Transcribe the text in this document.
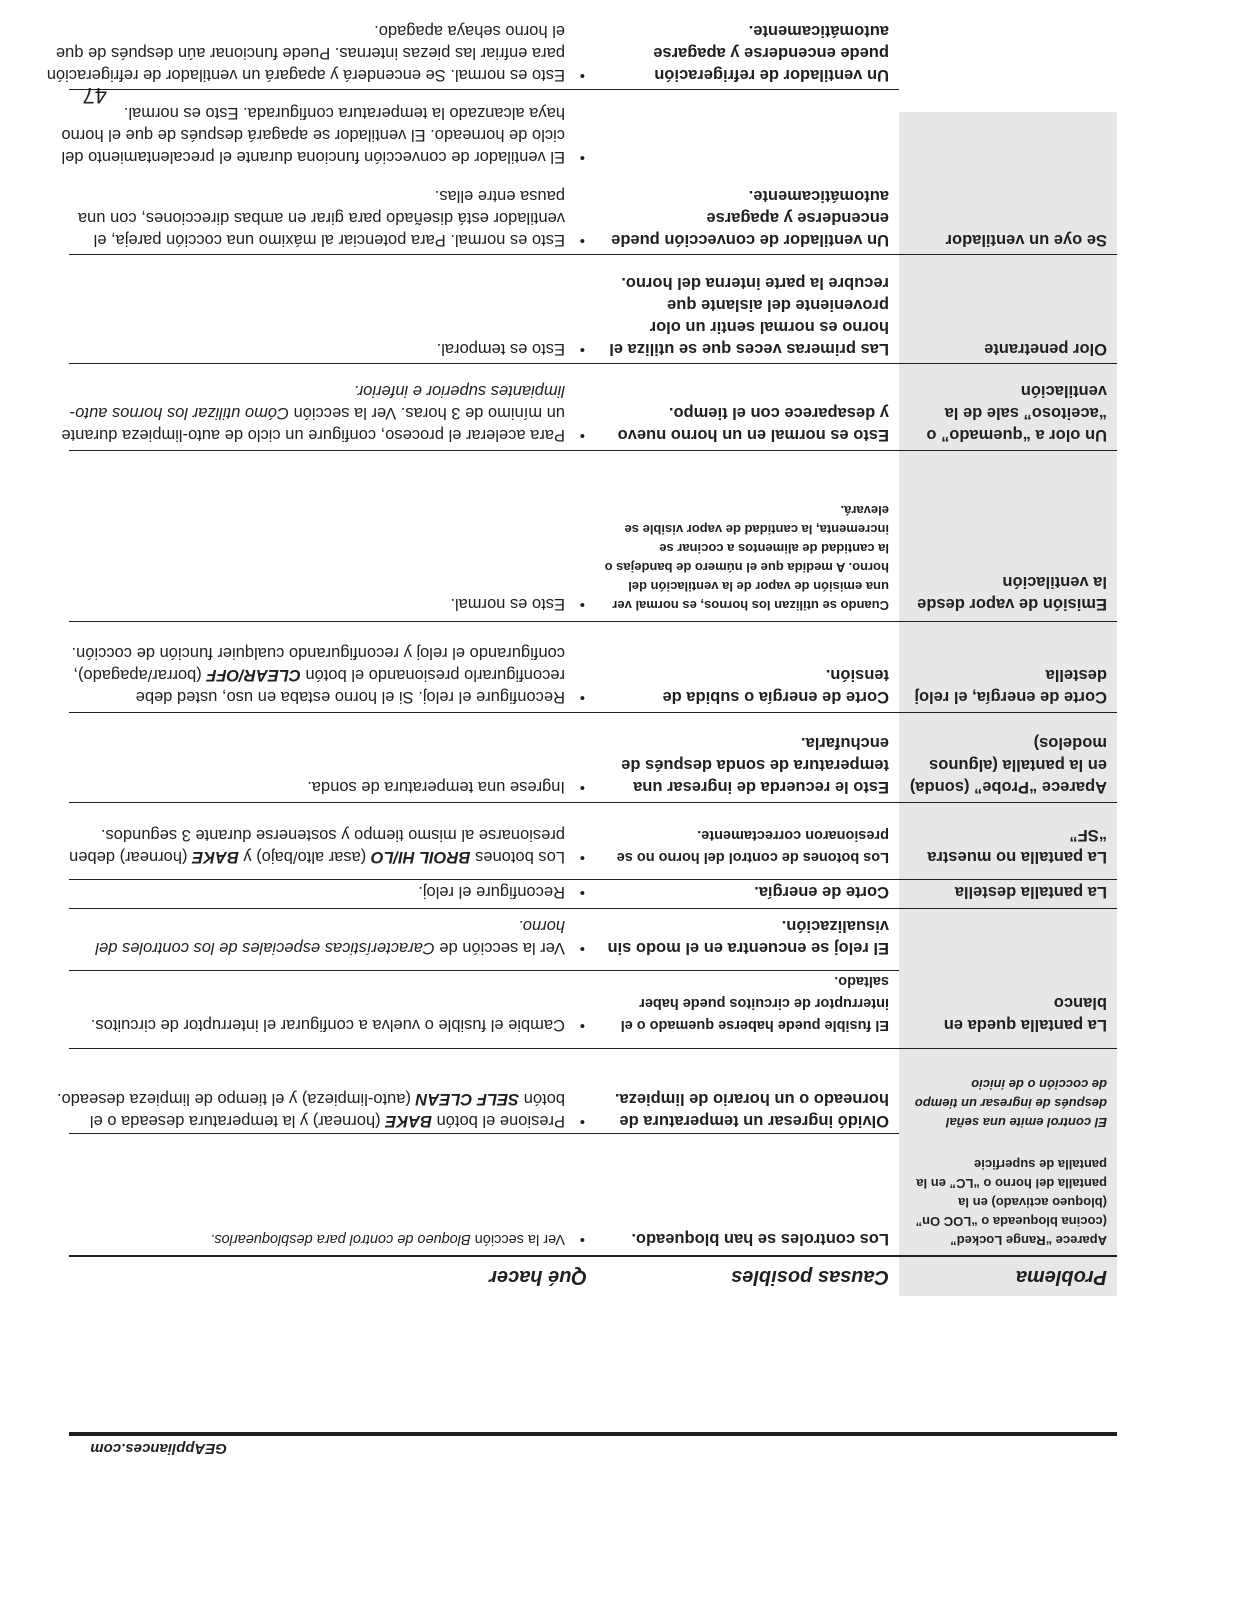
GEAppliances.com
Problema
Causas posibles
Qué hacer
Aparece “Range Locked” (cocina bloqueada o “LOC On” (bloqueo activado) en la pantalla del horno o “LC” en la pantalla de superficie
Los controles se han bloqueado.
• Ver la sección Bloqueo de control para desbloquearlos.
El control emite una señal después de ingresar un tiempo de cocción o de inicio
Olvidó ingresar un temperatura de horneado o un horario de limpieza.
• Presione el botón BAKE (hornear) y la temperatura deseada o el botón SELF CLEAN (auto-limpieza) y el tiempo de limpieza deseado.
La pantalla queda en blanco
El fusible puede haberse quemado o el interruptor de circuitos puede haber saltado.
• Cambie el fusible o vuelva a configurar el interruptor de circuitos.
El reloj se encuentra en el modo sin visualización.
• Ver la sección de Características especiales de los controles del horno.
La pantalla destella
Corte de energía.
• Reconfigure el reloj.
La pantalla no muestra “SF”
Los botones de control del horno no se presionaron correctamente.
• Los botones BROIL HI/LO (asar alto/bajo) y BAKE (hornear) deben presionarse al mismo tiempo y sostenerse durante 3 segundos.
Aparece “Probe” (sonda) en la pantalla (algunos modelos)
Esto le recuerda de ingresar una temperatura de sonda después de enchufarla.
• Ingrese una temperatura de sonda.
Corte de energía, el reloj destella
Corte de energía o subida de tensión.
• Reconfigure el reloj. Si el horno estaba en uso, usted debe reconfigurarlo presionando el botón CLEAR/OFF (borrar/apagado), configurando el reloj y reconfigurando cualquier función de cocción.
Emisión de vapor desde la ventilación
Cuando se utilizan los hornos, es normal ver una emisión de vapor de la ventilación del horno. A medida que el número de bandejas o la cantidad de alimentos a cocinar se incrementa, la cantidad de vapor visible se elevará.
• Esto es normal.
Un olor a “quemado” o “aceitoso” sale de la ventilación
Esto es normal en un horno nuevo y desaparece con el tiempo.
• Para acelerar el proceso, configure un ciclo de auto-limpieza durante un mínimo de 3 horas. Ver la sección Cómo utilizar los hornos auto-limpiantes superior e inferior.
Olor penetrante
Las primeras veces que se utiliza el horno es normal sentir un olor proveniente del aislante que recubre la parte interna del horno.
• Esto es temporal.
Se oye un ventilador
Un ventilador de convección puede encenderse y apagarse automáticamente.
• Esto es normal. Para potenciar al máximo una cocción pareja, el ventilador está diseñado para girar en ambas direcciones, con una pausa entre ellas.
• El ventilador de convección funciona durante el precalentamiento del ciclo de horneado. El ventilador se apagará después de que el horno haya alcanzado la temperatura configurada. Esto es normal.
Un ventilador de refrigeración puede encenderse y apagarse automáticamente.
• Esto es normal. Se encenderá y apagará un ventilador de refrigeración para enfriar las piezas internas. Puede funcionar aún después de que el horno sehaya apagado.
47
